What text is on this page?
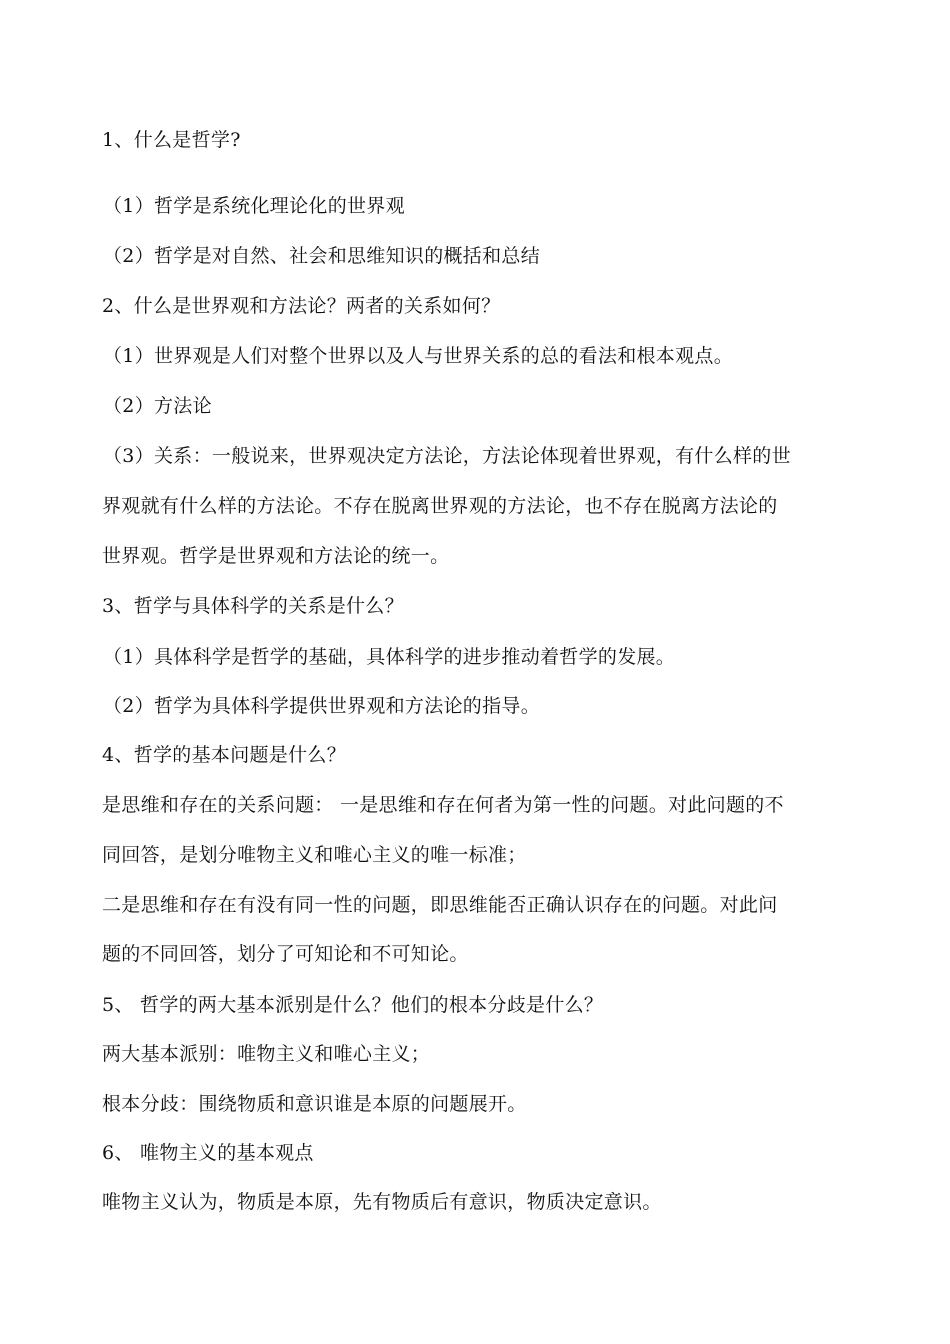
1、什么是哲学?
（1）哲学是系统化理论化的世界观
（2）哲学是对自然、社会和思维知识的概括和总结
2、什么是世界观和方法论？两者的关系如何？
（1）世界观是人们对整个世界以及人与世界关系的总的看法和根本观点。
（2）方法论
（3）关系：一般说来，世界观决定方法论，方法论体现着世界观，有什么样的世
界观就有什么样的方法论。不存在脱离世界观的方法论，也不存在脱离方法论的
世界观。哲学是世界观和方法论的统一。
3、哲学与具体科学的关系是什么？
（1）具体科学是哲学的基础，具体科学的进步推动着哲学的发展。
（2）哲学为具体科学提供世界观和方法论的指导。
4、哲学的基本问题是什么？
是思维和存在的关系问题： 一是思维和存在何者为第一性的问题。对此问题的不
同回答，是划分唯物主义和唯心主义的唯一标准；
二是思维和存在有没有同一性的问题，即思维能否正确认识存在的问题。对此问
题的不同回答，划分了可知论和不可知论。
5、 哲学的两大基本派别是什么？他们的根本分歧是什么？
两大基本派别：唯物主义和唯心主义；
根本分歧：围绕物质和意识谁是本原的问题展开。
6、 唯物主义的基本观点
唯物主义认为，物质是本原，先有物质后有意识，物质决定意识。
